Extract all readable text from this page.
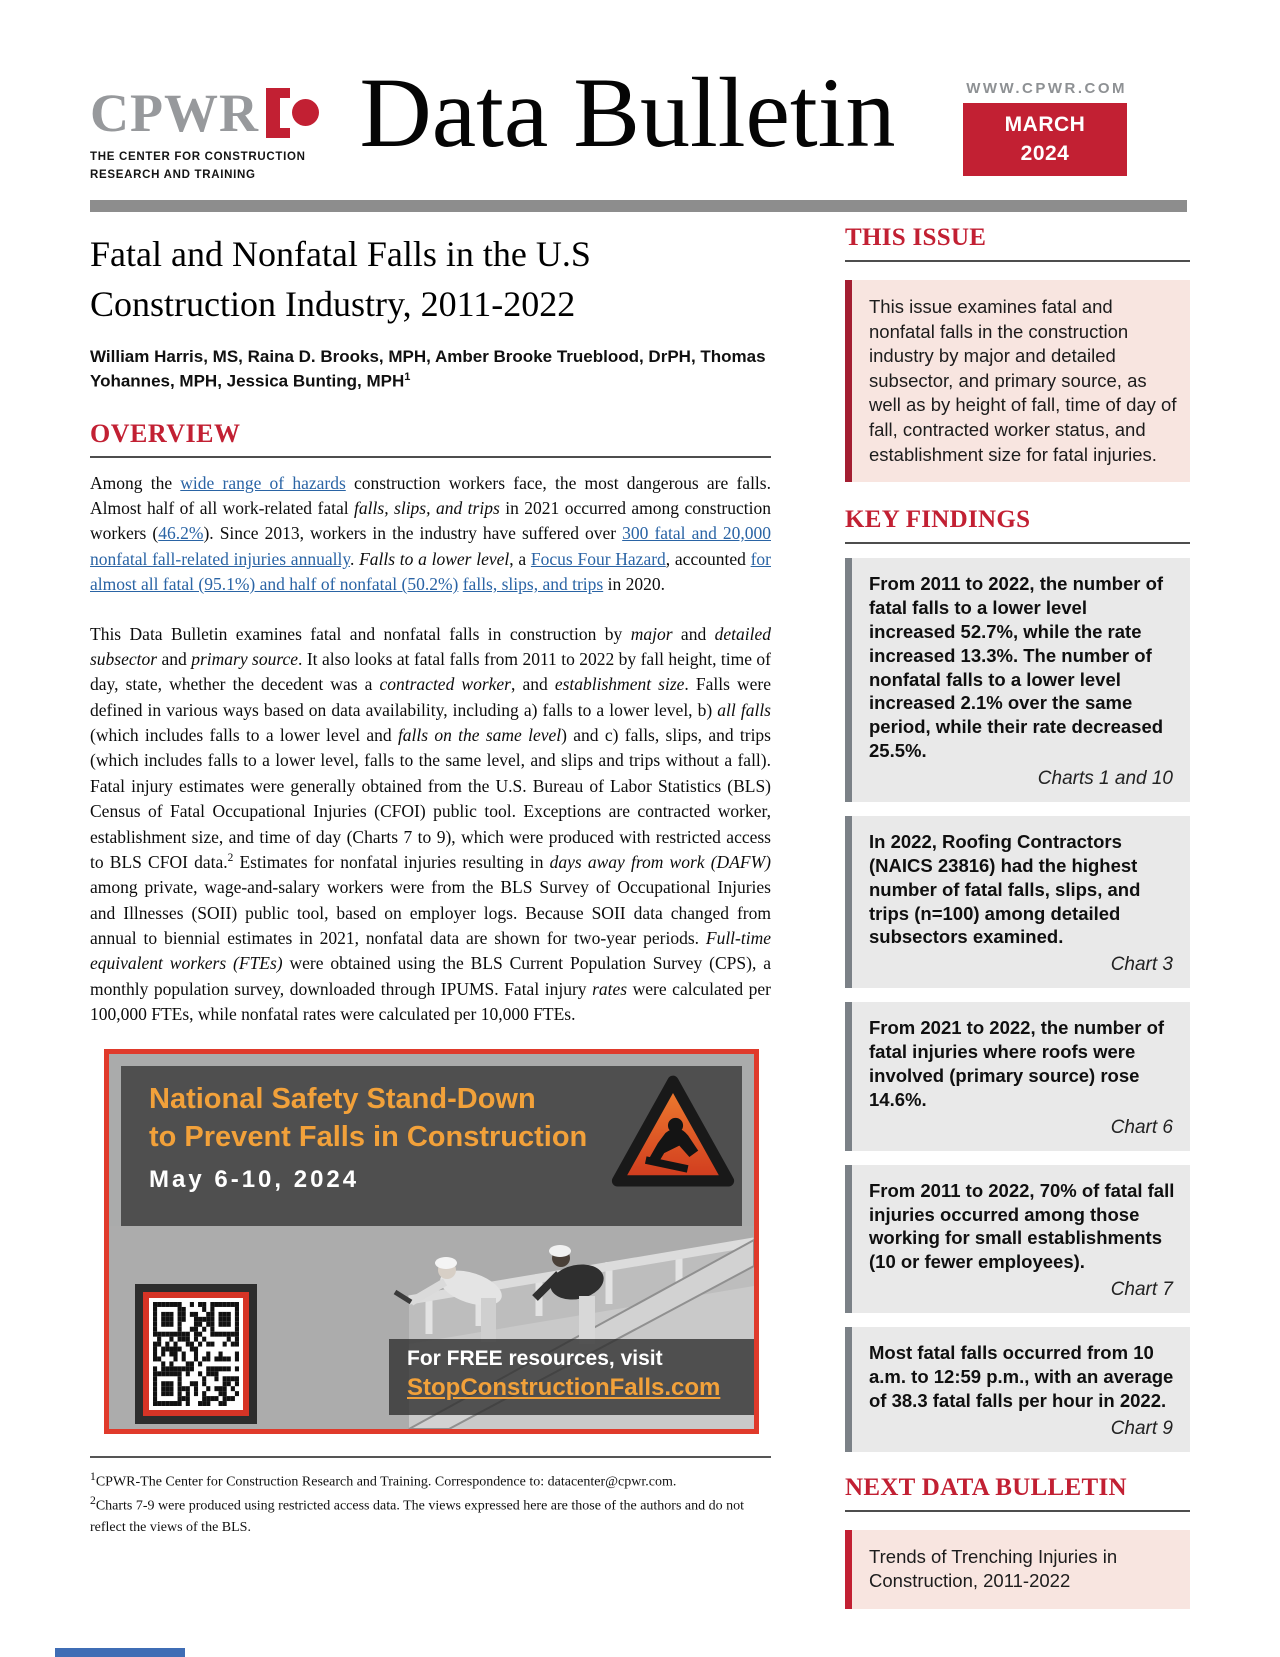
CPWR
THE CENTER FOR CONSTRUCTION
RESEARCH AND TRAINING
Data Bulletin	WWW.CPWR.COM
MARCH
2024
Fatal and Nonfatal Falls in the U.S
Construction Industry, 2011-2022
William Harris, MS, Raina D. Brooks, MPH, Amber Brooke Trueblood, DrPH, Thomas Yohannes, MPH, Jessica Bunting, MPH$^1$
OVERVIEW

Among the wide range of hazards construction workers face, the most dangerous are falls. Almost half of all work-related fatal falls, slips, and trips in 2021 occurred among construction workers (46.2%). Since 2013, workers in the industry have suffered over 300 fatal and 20,000 nonfatal fall-related injuries annually. Falls to a lower level, a Focus Four Hazard, accounted for almost all fatal (95.1%) and half of nonfatal (50.2%) falls, slips, and trips in 2020.

This Data Bulletin examines fatal and nonfatal falls in construction by major and detailed subsector and primary source. It also looks at fatal falls from 2011 to 2022 by fall height, time of day, state, whether the decedent was a contracted worker, and establishment size. Falls were defined in various ways based on data availability, including a) falls to a lower level, b) all falls (which includes falls to a lower level and falls on the same level) and c) falls, slips, and trips (which includes falls to a lower level, falls to the same level, and slips and trips without a fall). Fatal injury estimates were generally obtained from the U.S. Bureau of Labor Statistics (BLS) Census of Fatal Occupational Injuries (CFOI) public tool. Exceptions are contracted worker, establishment size, and time of day (Charts 7 to 9), which were produced with restricted access to BLS CFOI data.$^2$ Estimates for nonfatal injuries resulting in days away from work (DAFW) among private, wage-and-salary workers were from the BLS Survey of Occupational Injuries and Illnesses (SOII) public tool, based on employer logs. Because SOII data changed from annual to biennial estimates in 2021, nonfatal data are shown for two-year periods. Full-time equivalent workers (FTEs) were obtained using the BLS Current Population Survey (CPS), a monthly population survey, downloaded through IPUMS. Fatal injury rates were calculated per 100,000 FTEs, while nonfatal rates were calculated per 10,000 FTEs.

National Safety Stand-Down
to Prevent Falls in Construction
May 6-10, 2024
For FREE resources, visit
StopConstructionFalls.com

$^1$CPWR-The Center for Construction Research and Training. Correspondence to: datacenter@cpwr.com.

$^2$Charts 7-9 were produced using restricted access data. The views expressed here are those of the authors and do not reflect the views of the BLS.

THIS ISSUE
This issue examines fatal and nonfatal falls in the construction industry by major and detailed subsector, and primary source, as well as by height of fall, time of day of fall, contracted worker status, and establishment size for fatal injuries.
KEY FINDINGS

From 2011 to 2022, the number of fatal falls to a lower level increased 52.7%, while the rate increased 13.3%. The number of nonfatal falls to a lower level increased 2.1% over the same period, while their rate decreased 25.5%.

Charts 1 and 10

In 2022, Roofing Contractors (NAICS 23816) had the highest number of fatal falls, slips, and trips (n=100) among detailed subsectors examined.

Chart 3

From 2021 to 2022, the number of fatal injuries where roofs were involved (primary source) rose 14.6%.

Chart 6

From 2011 to 2022, 70% of fatal fall injuries occurred among those working for small establishments (10 or fewer employees).

Chart 7

Most fatal falls occurred from 10 a.m. to 12:59 p.m., with an average of 38.3 fatal falls per hour in 2022.

Chart 9
NEXT DATA BULLETIN
Trends of Trenching Injuries in Construction, 2011-2022
